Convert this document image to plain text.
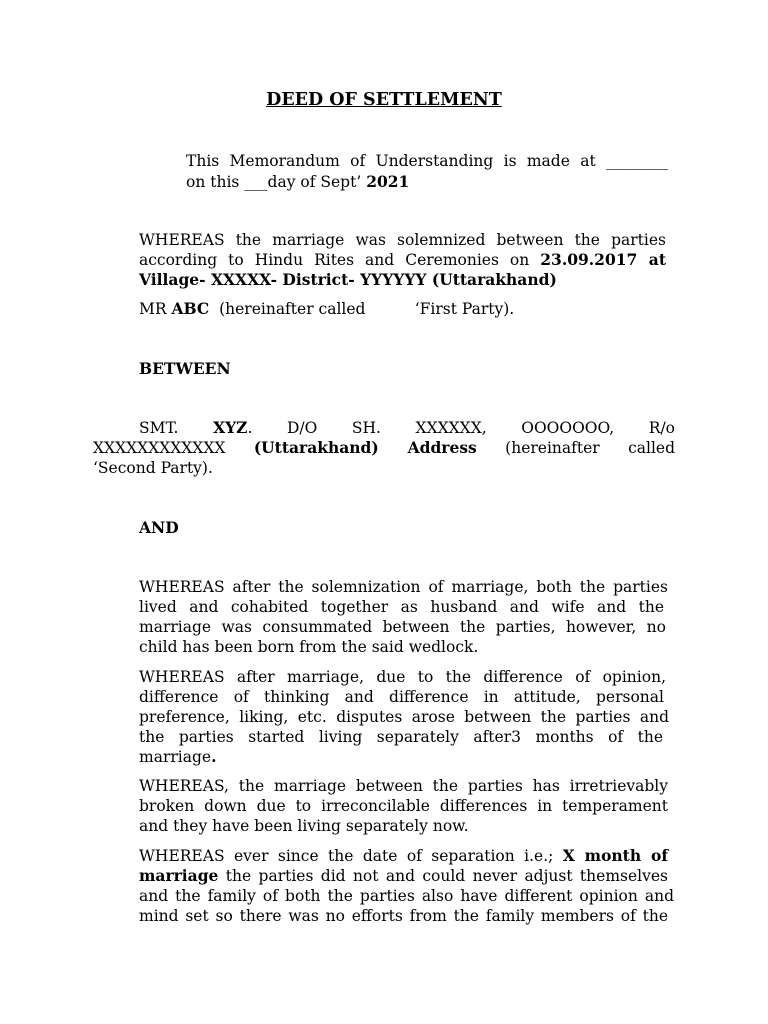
DEED OF SETTLEMENT
This Memorandum of Understanding is made at ________
on this ___day of Sept’ 2021
WHEREAS the marriage was solemnized between the parties
according to Hindu Rites and Ceremonies on 23.09.2017 at
Village- XXXXX- District- YYYYYY (Uttarakhand)
MR ABC  (hereinafter called          ‘First Party).
BETWEEN
SMT. XYZ. D/O SH. XXXXXX, OOOOOOO, R/o
XXXXXXXXXXXX (Uttarakhand) Address (hereinafter called
‘Second Party).
AND
WHEREAS after the solemnization of marriage, both the parties
lived and cohabited together as husband and wife and the
marriage was consummated between the parties, however, no
child has been born from the said wedlock.
WHEREAS after marriage, due to the difference of opinion,
difference of thinking and difference in attitude, personal
preference, liking, etc. disputes arose between the parties and
the parties started living separately after3 months of the
marriage.
WHEREAS, the marriage between the parties has irretrievably
broken down due to irreconcilable differences in temperament
and they have been living separately now.
WHEREAS ever since the date of separation i.e.; X month of
marriage the parties did not and could never adjust themselves
and the family of both the parties also have different opinion and
mind set so there was no efforts from the family members of the
